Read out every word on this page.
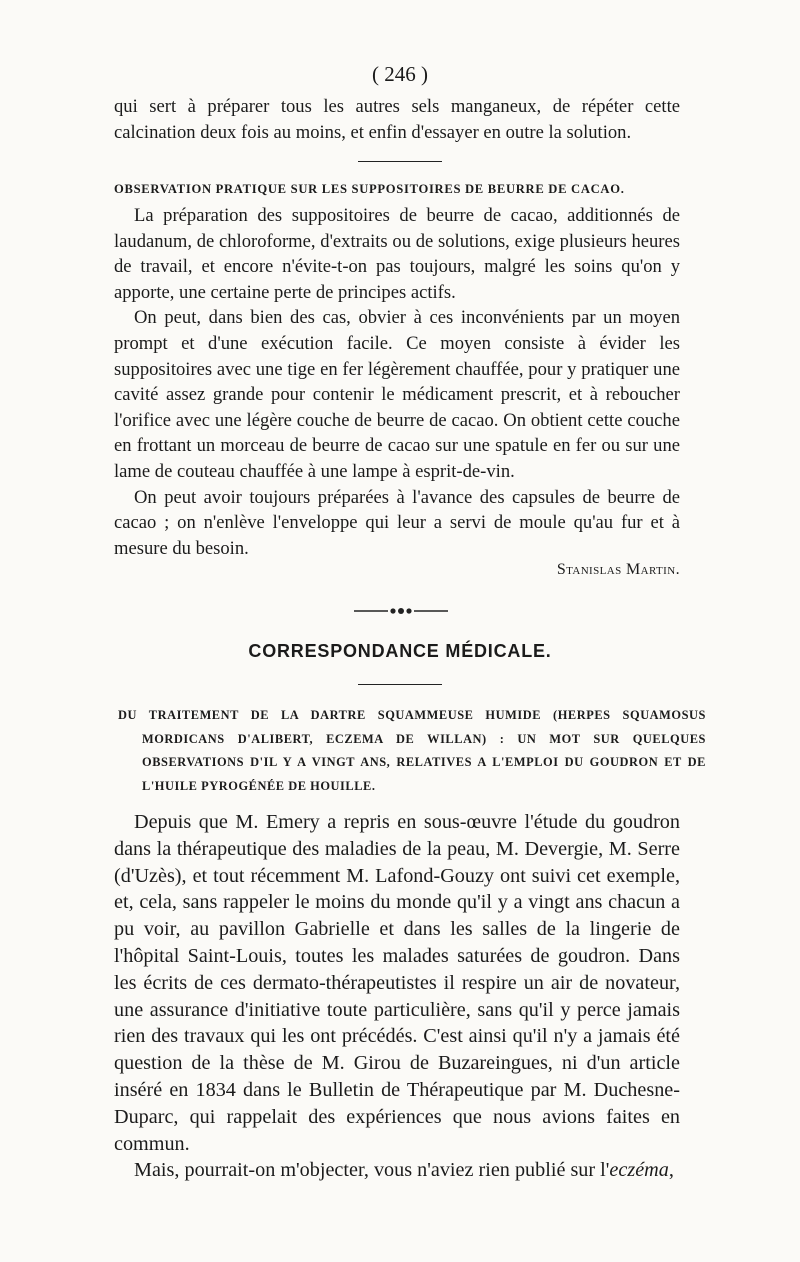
( 246 )

qui sert à préparer tous les autres sels manganeux, de répéter cette calcination deux fois au moins, et enfin d'essayer en outre la solution.

OBSERVATION PRATIQUE SUR LES SUPPOSITOIRES DE BEURRE DE CACAO.

La préparation des suppositoires de beurre de cacao, additionnés de laudanum, de chloroforme, d'extraits ou de solutions, exige plusieurs heures de travail, et encore n'évite-t-on pas toujours, malgré les soins qu'on y apporte, une certaine perte de principes actifs.

On peut, dans bien des cas, obvier à ces inconvénients par un moyen prompt et d'une exécution facile. Ce moyen consiste à évider les suppositoires avec une tige en fer légèrement chauffée, pour y pratiquer une cavité assez grande pour contenir le médicament prescrit, et à reboucher l'orifice avec une légère couche de beurre de cacao. On obtient cette couche en frottant un morceau de beurre de cacao sur une spatule en fer ou sur une lame de couteau chauffée à une lampe à esprit-de-vin.

On peut avoir toujours préparées à l'avance des capsules de beurre de cacao ; on n'enlève l'enveloppe qui leur a servi de moule qu'au fur et à mesure du besoin.

Stanislas Martin.

CORRESPONDANCE MÉDICALE.
DU TRAITEMENT DE LA DARTRE SQUAMMEUSE HUMIDE (HERPES SQUAMOSUS MORDICANS D'ALIBERT, ECZEMA DE WILLAN) : UN MOT SUR QUELQUES OBSERVATIONS D'IL Y A VINGT ANS, RELATIVES A L'EMPLOI DU GOUDRON ET DE L'HUILE PYROGÉNÉE DE HOUILLE.

Depuis que M. Emery a repris en sous-œuvre l'étude du goudron dans la thérapeutique des maladies de la peau, M. Devergie, M. Serre (d'Uzès), et tout récemment M. Lafond-Gouzy ont suivi cet exemple, et, cela, sans rappeler le moins du monde qu'il y a vingt ans chacun a pu voir, au pavillon Gabrielle et dans les salles de la lingerie de l'hôpital Saint-Louis, toutes les malades saturées de goudron. Dans les écrits de ces dermato-thérapeutistes il respire un air de novateur, une assurance d'initiative toute particulière, sans qu'il y perce jamais rien des travaux qui les ont précédés. C'est ainsi qu'il n'y a jamais été question de la thèse de M. Girou de Buzareingues, ni d'un article inséré en 1834 dans le Bulletin de Thérapeutique par M. Duchesne-Duparc, qui rappelait des expériences que nous avions faites en commun.

Mais, pourrait-on m'objecter, vous n'aviez rien publié sur l'eczéma,
